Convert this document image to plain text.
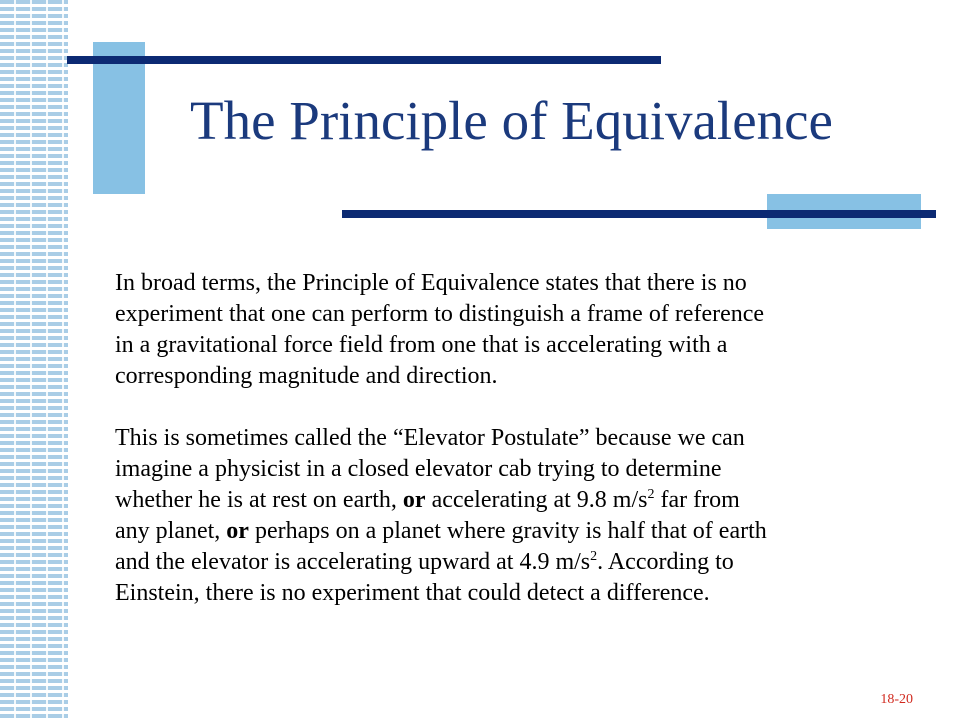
The Principle of Equivalence

In broad terms, the Principle of Equivalence states that there is no

experiment that one can perform to distinguish a frame of reference

in a gravitational force field from one that is accelerating with a

corresponding magnitude and direction.

This is sometimes called the “Elevator Postulate” because we can

imagine a physicist in a closed elevator cab trying to determine

whether he is at rest on earth, or accelerating at 9.8 $m/s^2$ far from

any planet, or perhaps on a planet where gravity is half that of earth

and the elevator is accelerating upward at 4.9 $m/s^2$. According to

Einstein, there is no experiment that could detect a difference.

18-20
